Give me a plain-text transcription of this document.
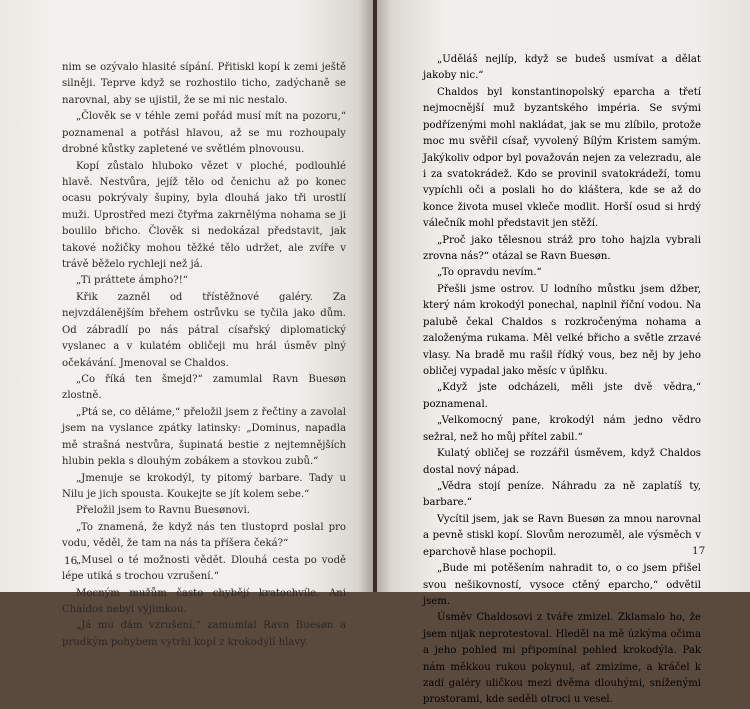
nim se ozývalo hlasité sípání. Přitiskl kopí k zemi ještě silněji. Teprve když se rozhostilo ticho, zadýchaně se narovnal, aby se ujistil, že se mi nic nestalo.

„Člověk se v téhle zemi pořád musí mít na pozoru,“ poznamenal a potřásl hlavou, až se mu rozhoupaly drobné kůstky zapletené ve světlém plnovousu.

Kopí zůstalo hluboko vězet v ploché, podlouhlé hlavě. Nestvůra, jejíž tělo od čenichu až po konec ocasu pokrývaly šupiny, byla dlouhá jako tři urostlí muži. Uprostřed mezi čtyřma zakrnělýma nohama se ji boulilo břicho. Člověk si nedokázal představit, jak takové nožičky mohou těžké tělo udržet, ale zvíře v trávě běželo rychleji než já.

„Ti práttete ámpho?!“

Křik zazněl od třístěžnové galéry. Za nejvzdálenějším břehem ostrůvku se tyčila jako dům. Od zábradlí po nás pátral císařský diplomatický vyslanec a v kulatém obličeji mu hrál úsměv plný očekávání. Jmenoval se Chaldos.

„Co říká ten šmejd?“ zamumlal Ravn Buesøn zlostně.

„Ptá se, co děláme,“ přeložil jsem z řečtiny a zavolal jsem na vyslance zpátky latinsky: „Dominus, napadla mě strašná nestvůra, šupinatá bestie z nejtemnějších hlubin pekla s dlouhým zobákem a stovkou zubů.“

„Jmenuje se krokodýl, ty pitomý barbare. Tady u Nilu je jich spousta. Koukejte se jít kolem sebe.“

Přeložil jsem to Ravnu Buesønovi.

„To znamená, že když nás ten tlustoprd poslal pro vodu, věděl, že tam na nás ta příšera čeká?“

„Musel o té možnosti vědět. Dlouhá cesta po vodě lépe utiká s trochou vzrušení.“

Mocným mužům často chybějí kratochvíle. Ani Chaldos nebyl výjimkou.

„Já mu dám vzrušení,“ zamumlal Ravn Buesøn a prudkým pohybem vytrhl kopí z krokodýlí hlavy.

16

„Uděláš nejlíp, když se budeš usmívat a dělat jakoby nic.“

Chaldos byl konstantinopolský eparcha a třetí nejmocnější muž byzantského impéria. Se svými podřízenými mohl nakládat, jak se mu zlíbilo, protože moc mu svěřil císař, vyvolený Bílým Kristem samým. Jakýkoliv odpor byl považován nejen za velezradu, ale i za svatokrádež. Kdo se provinil svatokrádeží, tomu vypíchli oči a poslali ho do kláštera, kde se až do konce života musel vkleče modlit. Horší osud si hrdý válečník mohl představit jen stěží.

„Proč jako tělesnou stráž pro toho hajzla vybrali zrovna nás?“ otázal se Ravn Buesøn.

„To opravdu nevím.“

Přešli jsme ostrov. U lodního můstku jsem džber, který nám krokodýl ponechal, naplnil říční vodou. Na palubě čekal Chaldos s rozkročenýma nohama a založenýma rukama. Měl velké břicho a světle zrzavé vlasy. Na bradě mu rašil řídký vous, bez něj by jeho obličej vypadal jako měsíc v úplňku.

„Když jste odcházeli, měli jste dvě vědra,“ poznamenal.

„Velkomocný pane, krokodýl nám jedno vědro sežral, než ho můj přítel zabil.“

Kulatý obličej se rozzářil úsměvem, když Chaldos dostal nový nápad.

„Vědra stojí peníze. Náhradu za ně zaplatíš ty, barbare.“

Vycítil jsem, jak se Ravn Buesøn za mnou narovnal a pevně stiskl kopí. Slovům nerozuměl, ale výsměch v eparchově hlase pochopil.

„Bude mi potěšením nahradit to, o co jsem přišel svou nešikovností, vysoce ctěný eparcho,“ odvětil jsem.

Úsměv Chaldosovi z tváře zmizel. Zklamalo ho, že jsem nijak neprotestoval. Hleděl na mě úzkýma očima a jeho pohled mi připomínal pohled krokodýla. Pak nám měkkou rukou pokynul, ať zmizíme, a kráčel k zadí galéry uličkou mezi dvěma dlouhými, sníženými prostorami, kde seděli otroci u vesel.

17
